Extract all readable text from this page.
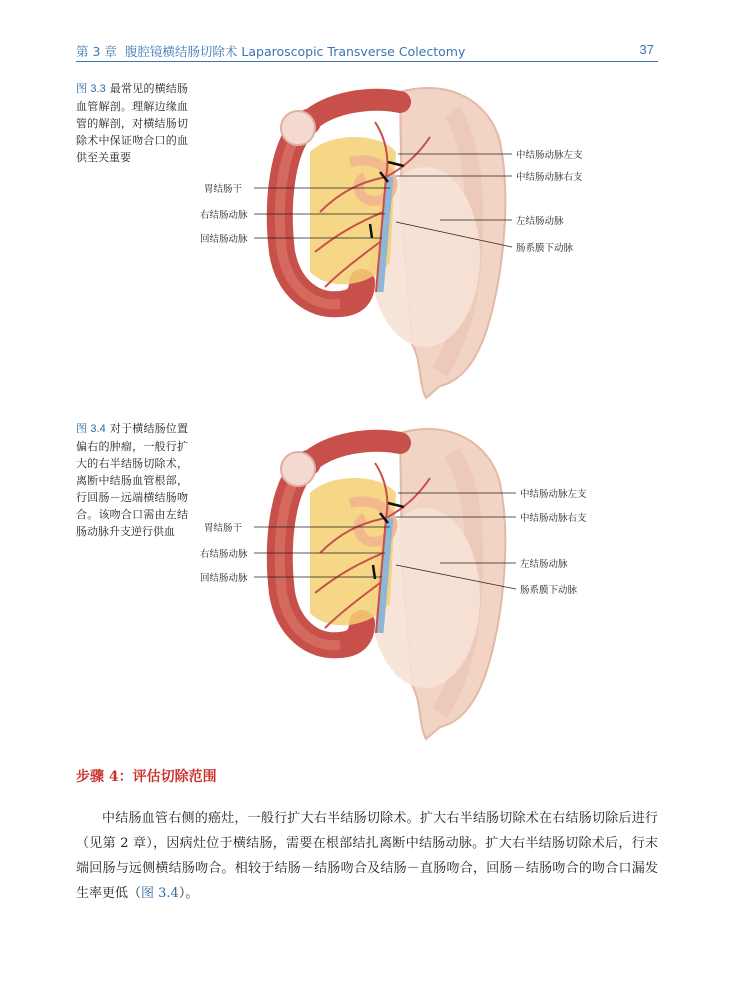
第 3 章 腹腔镜横结肠切除术 Laparoscopic Transverse Colectomy	37
图 3.3 最常见的横结肠血管解剖。理解边缘血管的解剖，对横结肠切除术中保证吻合口的血供至关重要	中结肠动脉左支
中结肠动脉右支
胃结肠干
右结肠动脉
左结肠动脉
回结肠动脉
肠系膜下动脉
图 3.4 对于横结肠位置偏右的肿瘤，一般行扩大的右半结肠切除术，离断中结肠血管根部，行回肠－远端横结肠吻合。该吻合口需由左结肠动脉升支逆行供血
中结肠动脉左支
中结肠动脉右支
胃结肠干
右结肠动脉
左结肠动脉
回结肠动脉
肠系膜下动脉
步骤 4：评估切除范围
中结肠血管右侧的癌灶，一般行扩大右半结肠切除术。扩大右半结肠切除术在右结肠切除后进行（见第 2 章），因病灶位于横结肠，需要在根部结扎离断中结肠动脉。扩大右半结肠切除术后，行末端回肠与远侧横结肠吻合。相较于结肠－结肠吻合及结肠－直肠吻合，回肠－结肠吻合的吻合口漏发生率更低（图 3.4）。
